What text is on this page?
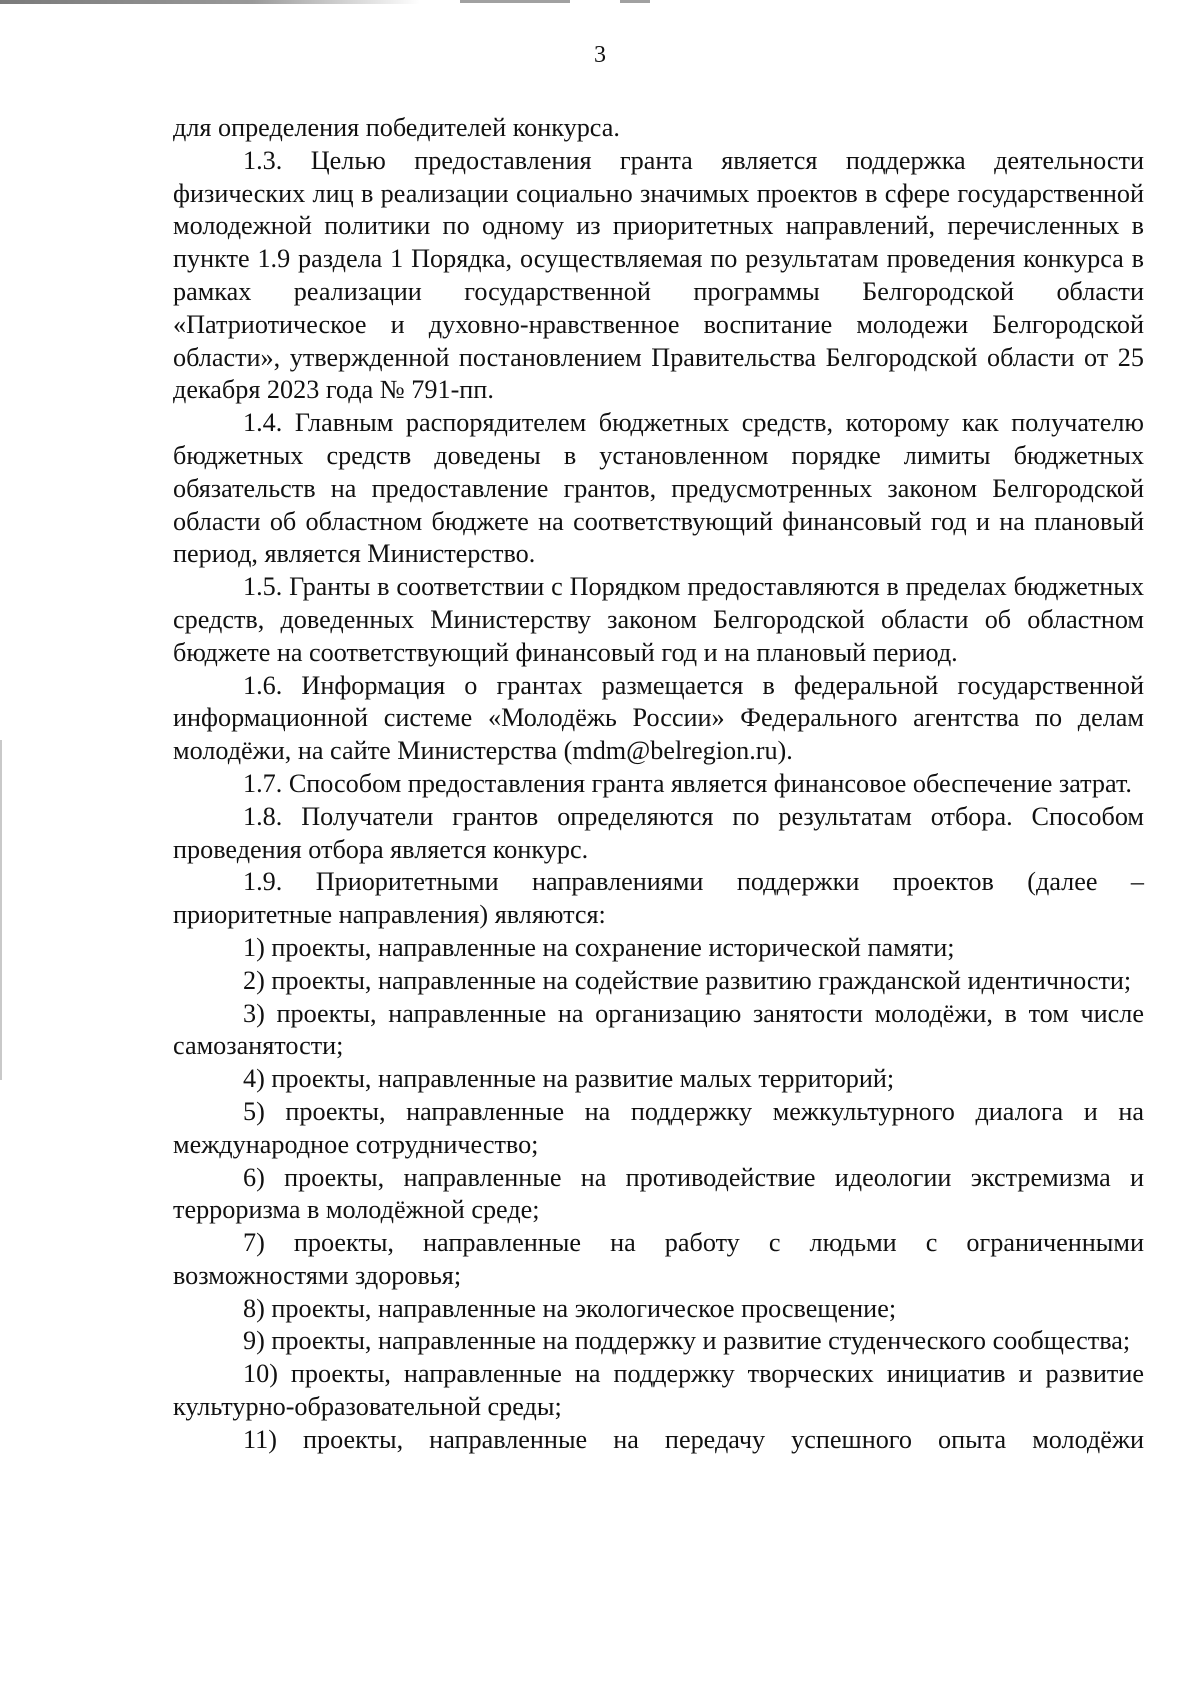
3

для определения победителей конкурса.

1.3. Целью предоставления гранта является поддержка деятельности физических лиц в реализации социально значимых проектов в сфере государственной молодежной политики по одному из приоритетных направлений, перечисленных в пункте 1.9 раздела 1 Порядка, осуществляемая по результатам проведения конкурса в рамках реализации государственной программы Белгородской области «Патриотическое и духовно-нравственное воспитание молодежи Белгородской области», утвержденной постановлением Правительства Белгородской области от 25 декабря 2023 года № 791-пп.

1.4. Главным распорядителем бюджетных средств, которому как получателю бюджетных средств доведены в установленном порядке лимиты бюджетных обязательств на предоставление грантов, предусмотренных законом Белгородской области об областном бюджете на соответствующий финансовый год и на плановый период, является Министерство.

1.5. Гранты в соответствии с Порядком предоставляются в пределах бюджетных средств, доведенных Министерству законом Белгородской области об областном бюджете на соответствующий финансовый год и на плановый период.

1.6. Информация о грантах размещается в федеральной государственной информационной системе «Молодёжь России» Федерального агентства по делам молодёжи, на сайте Министерства (mdm@belregion.ru).

1.7. Способом предоставления гранта является финансовое обеспечение затрат.

1.8. Получатели грантов определяются по результатам отбора. Способом проведения отбора является конкурс.

1.9. Приоритетными направлениями поддержки проектов (далее – приоритетные направления) являются:

1) проекты, направленные на сохранение исторической памяти;

2) проекты, направленные на содействие развитию гражданской идентичности;

3) проекты, направленные на организацию занятости молодёжи, в том числе самозанятости;

4) проекты, направленные на развитие малых территорий;

5) проекты, направленные на поддержку межкультурного диалога и на международное сотрудничество;

6) проекты, направленные на противодействие идеологии экстремизма и терроризма в молодёжной среде;

7) проекты, направленные на работу с людьми с ограниченными возможностями здоровья;

8) проекты, направленные на экологическое просвещение;

9) проекты, направленные на поддержку и развитие студенческого сообщества;

10) проекты, направленные на поддержку творческих инициатив и развитие культурно-образовательной среды;

11) проекты, направленные на передачу успешного опыта молодёжи
